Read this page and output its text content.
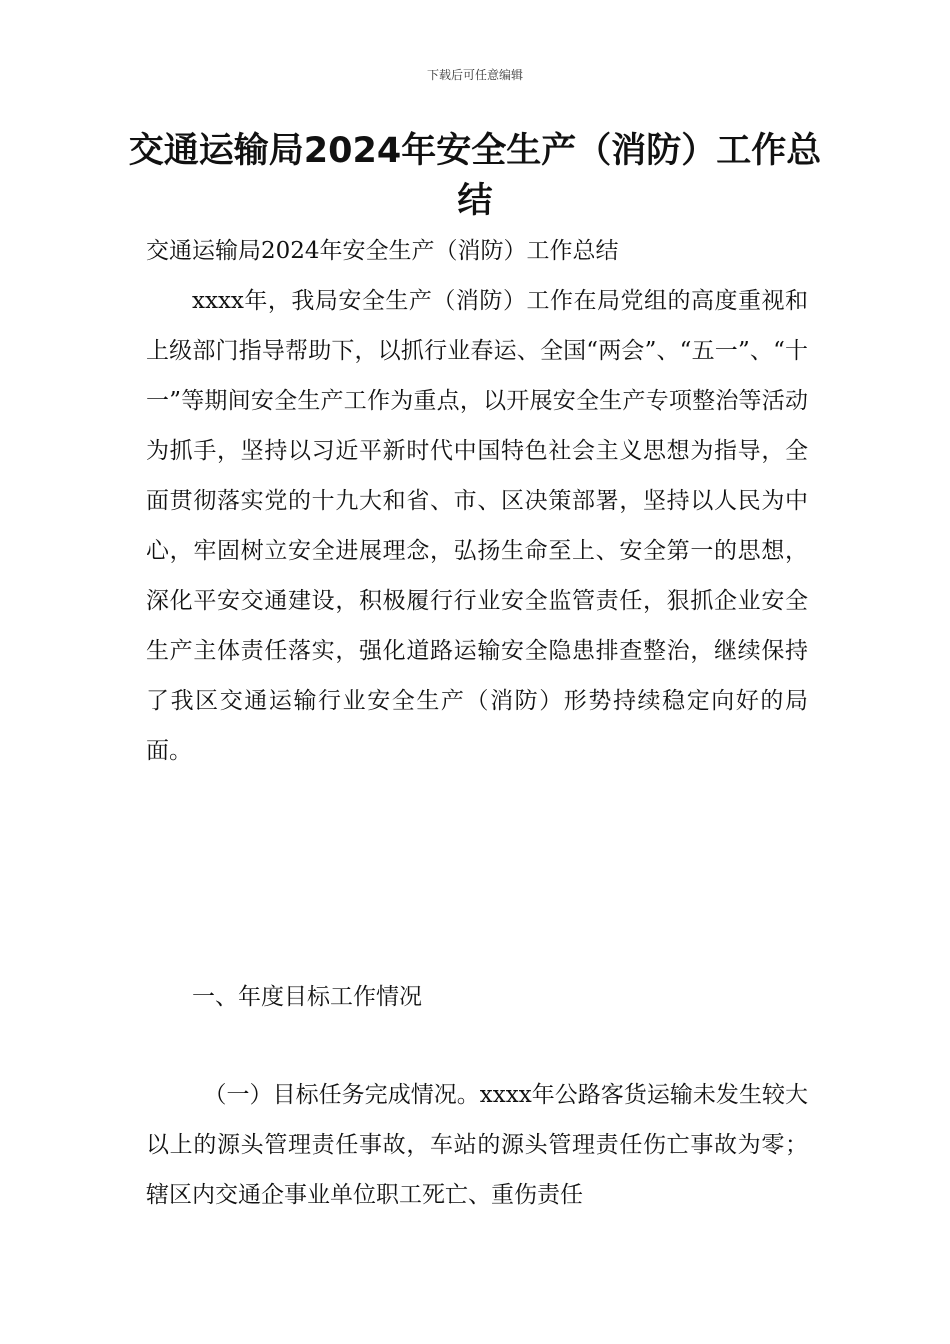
下载后可任意编辑
交通运输局2024年安全生产（消防）工作总结

交通运输局2024年安全生产（消防）工作总结

xxxx年，我局安全生产（消防）工作在局党组的高度重视和上级部门指导帮助下，以抓行业春运、全国“两会”、“五一”、“十一”等期间安全生产工作为重点，以开展安全生产专项整治等活动为抓手，坚持以习近平新时代中国特色社会主义思想为指导，全面贯彻落实党的十九大和省、市、区决策部署，坚持以人民为中心，牢固树立安全进展理念，弘扬生命至上、安全第一的思想，深化平安交通建设，积极履行行业安全监管责任，狠抓企业安全生产主体责任落实，强化道路运输安全隐患排查整治，继续保持了我区交通运输行业安全生产（消防）形势持续稳定向好的局面。

一、年度目标工作情况

（一）目标任务完成情况。xxxx年公路客货运输未发生较大以上的源头管理责任事故，车站的源头管理责任伤亡事故为零；辖区内交通企事业单位职工死亡、重伤责任
